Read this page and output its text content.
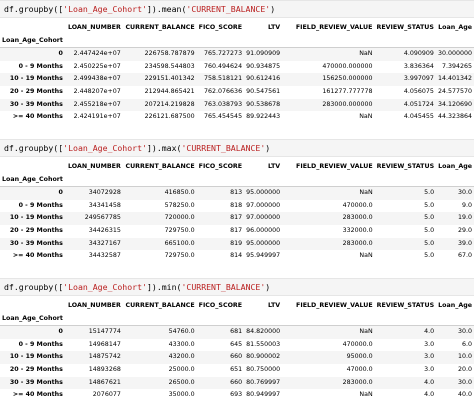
df.groupby(['Loan_Age_Cohort']).mean('CURRENT_BALANCE')
	LOAN_NUMBER	CURRENT_BALANCE	FICO_SCORE	LTV	FIELD_REVIEW_VALUE	REVIEW_STATUS	Loan_Age
Loan_Age_Cohort							
0	2.447424e+07	226758.787879	765.727273	91.090909	NaN	4.090909	30.000000
0 - 9 Months	2.450225e+07	234598.544803	760.494624	90.934875	470000.000000	3.836364	7.394265
10 - 19 Months	2.499438e+07	229151.401342	758.518121	90.612416	156250.000000	3.997097	14.401342
20 - 29 Months	2.448207e+07	212944.865421	762.076636	90.547561	161277.777778	4.056075	24.577570
30 - 39 Months	2.455218e+07	207214.219828	763.038793	90.538678	283000.000000	4.051724	34.120690
>= 40 Months	2.424191e+07	226121.687500	765.454545	89.922443	NaN	4.045455	44.323864
df.groupby(['Loan_Age_Cohort']).max('CURRENT_BALANCE')
	LOAN_NUMBER	CURRENT_BALANCE	FICO_SCORE	LTV	FIELD_REVIEW_VALUE	REVIEW_STATUS	Loan_Age
Loan_Age_Cohort							
0	34072928	416850.0	813	95.000000	NaN	5.0	30.0
0 - 9 Months	34341458	578250.0	818	97.000000	470000.0	5.0	9.0
10 - 19 Months	249567785	720000.0	817	97.000000	283000.0	5.0	19.0
20 - 29 Months	34426315	729750.0	817	96.000000	332000.0	5.0	29.0
30 - 39 Months	34327167	665100.0	819	95.000000	283000.0	5.0	39.0
>= 40 Months	34432587	729750.0	814	95.949997	NaN	5.0	67.0
df.groupby(['Loan_Age_Cohort']).min('CURRENT_BALANCE')
	LOAN_NUMBER	CURRENT_BALANCE	FICO_SCORE	LTV	FIELD_REVIEW_VALUE	REVIEW_STATUS	Loan_Age
Loan_Age_Cohort							
0	15147774	54760.0	681	84.820000	NaN	4.0	30.0
0 - 9 Months	14968147	43300.0	645	81.550003	470000.0	3.0	6.0
10 - 19 Months	14875742	43200.0	660	80.900002	95000.0	3.0	10.0
20 - 29 Months	14893268	25000.0	651	80.750000	47000.0	3.0	20.0
30 - 39 Months	14867621	26500.0	660	80.769997	283000.0	4.0	30.0
>= 40 Months	2076077	35000.0	693	80.949997	NaN	4.0	40.0
